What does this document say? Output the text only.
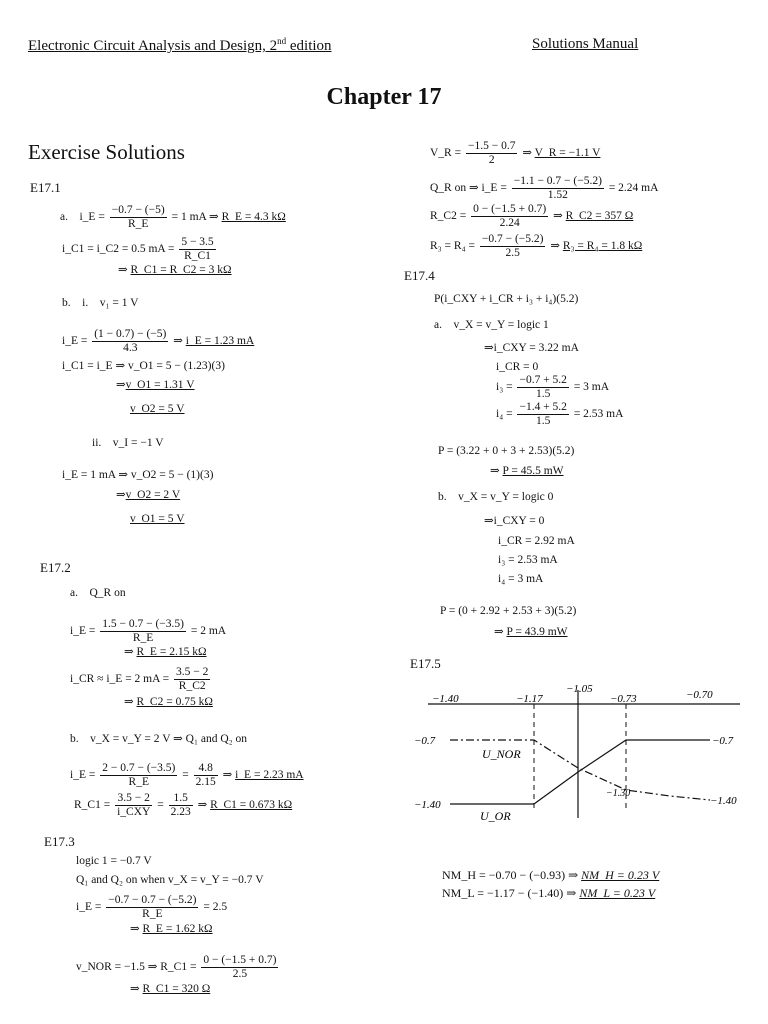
Electronic Circuit Analysis and Design, 2nd edition	Solutions Manual
Chapter 17
Exercise Solutions
E17.1
a. i_E = $\frac{-0.7 - (-5)}{R\_E} = 1$ mA ⇒ R_E = 4.3 kΩ
i_C1 = i_C2 = 0.5 mA = $\frac{5 - 3.5}{R\_C1}$
⇒ R_C1 = R_C2 = 3 kΩ
b. i. v₁ = 1 V
i_E = $\frac{(1 - 0.7) - (-5)}{4.3}$ ⇒ i_E = 1.23 mA
i_C1 = i_E ⇒ v_O1 = 5 − (1.23)(3)
⇒v_O1 = 1.31 V
v_O2 = 5 V
ii. v_I = −1 V
i_E = 1 mA ⇒ v_O2 = 5 − (1)(3)
⇒v_O2 = 2 V
v_O1 = 5 V
E17.2
a. Q_R on
i_E = $\frac{1.5 - 0.7 - (-3.5)}{R\_E} = 2$ mA
⇒ R_E = 2.15 kΩ
i_CR ≈ i_E = 2 mA = $\frac{3.5 - 2}{R\_C2}$
⇒ R_C2 = 0.75 kΩ
b. v_X = v_Y = 2 V ⇒ Q₁ and Q₂ on
i_E = $\frac{2 - 0.7 - (-3.5)}{R\_E} = \frac{4.8}{2.15}$ ⇒ i_E = 2.23 mA
R_C1 = $\frac{3.5 - 2}{\text{i\_CXY}} = \frac{1.5}{2.23}$ ⇒ R_C1 = 0.673 kΩ
E17.3
logic 1 = −0.7 V
Q₁ and Q₂ on when v_X = v_Y = −0.7 V
i_E = $\frac{-0.7 - 0.7 - (-5.2)}{R\_E} = 2.5$
⇒ R_E = 1.62 kΩ
v_NOR = −1.5 ⇒ R_C1 = $\frac{0 - (-1.5 + 0.7)}{2.5}$
⇒ R_C1 = 320 Ω
V_R = $\frac{-1.5 - 0.7}{2}$ ⇒ V_R = −1.1 V
Q_R on ⇒ i_E = $\frac{-1.1 - 0.7 - (-5.2)}{1.52} = 2.24$ mA
R_C2 = $\frac{0 - (-1.5 + 0.7)}{2.24}$ ⇒ R_C2 = 357 Ω
$R_3 = R_4 = \frac{-0.7 - (-5.2)}{2.5}$ ⇒ R₃ = R₄ = 1.8 kΩ
E17.4
P(i_CXY + i_CR + i₃ + i₄)(5.2)
a. v_X = v_Y = logic 1
⇒i_CXY = 3.22 mA
i_CR = 0
$i_3 = \frac{-0.7 + 5.2}{1.5} = 3$ mA
$i_4 = \frac{-1.4 + 5.2}{1.5} = 2.53$ mA
P = (3.22 + 0 + 3 + 2.53)(5.2)
⇒ P = 45.5 mW
b. v_X = v_Y = logic 0
⇒i_CXY = 0
i_CR = 2.92 mA
i₃ = 2.53 mA
i₄ = 3 mA
P = (0 + 2.92 + 2.53 + 3)(5.2)
⇒ P = 43.9 mW
E17.5
−1.40	−1.17
−1.05
−0.73	−0.70
−0.7
−1.40
−0.7
−1.40
−1.30
U_NOR
U_OR
NM_H = −0.70 − (−0.93) ⇒ NM_H = 0.23 V
NM_L = −1.17 − (−1.40) ⇒ NM_L = 0.23 V
